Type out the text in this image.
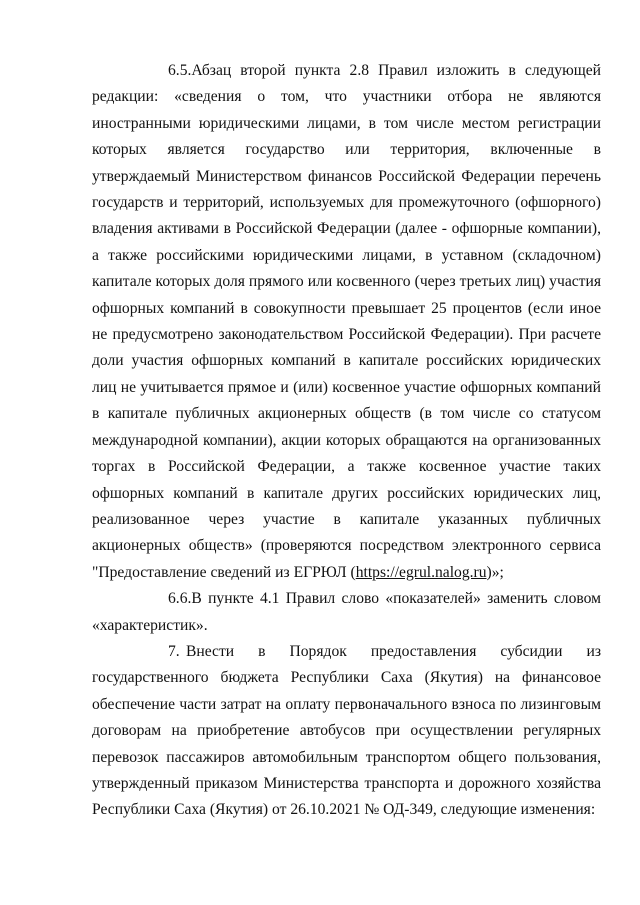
6.5.Абзац второй пункта 2.8 Правил изложить в следующей редакции: «сведения о том, что участники отбора не являются иностранными юридическими лицами, в том числе местом регистрации которых является государство или территория, включенные в утверждаемый Министерством финансов Российской Федерации перечень государств и территорий, используемых для промежуточного (офшорного) владения активами в Российской Федерации (далее - офшорные компании), а также российскими юридическими лицами, в уставном (складочном) капитале которых доля прямого или косвенного (через третьих лиц) участия офшорных компаний в совокупности превышает 25 процентов (если иное не предусмотрено законодательством Российской Федерации). При расчете доли участия офшорных компаний в капитале российских юридических лиц не учитывается прямое и (или) косвенное участие офшорных компаний в капитале публичных акционерных обществ (в том числе со статусом международной компании), акции которых обращаются на организованных торгах в Российской Федерации, а также косвенное участие таких офшорных компаний в капитале других российских юридических лиц, реализованное через участие в капитале указанных публичных акционерных обществ» (проверяются посредством электронного сервиса "Предоставление сведений из ЕГРЮЛ (https://egrul.nalog.ru)»;

6.6.В пункте 4.1 Правил слово «показателей» заменить словом «характеристик».

7. Внести в Порядок предоставления субсидии из государственного бюджета Республики Саха (Якутия) на финансовое обеспечение части затрат на оплату первоначального взноса по лизинговым договорам на приобретение автобусов при осуществлении регулярных перевозок пассажиров автомобильным транспортом общего пользования, утвержденный приказом Министерства транспорта и дорожного хозяйства Республики Саха (Якутия) от 26.10.2021 № ОД-349, следующие изменения:
